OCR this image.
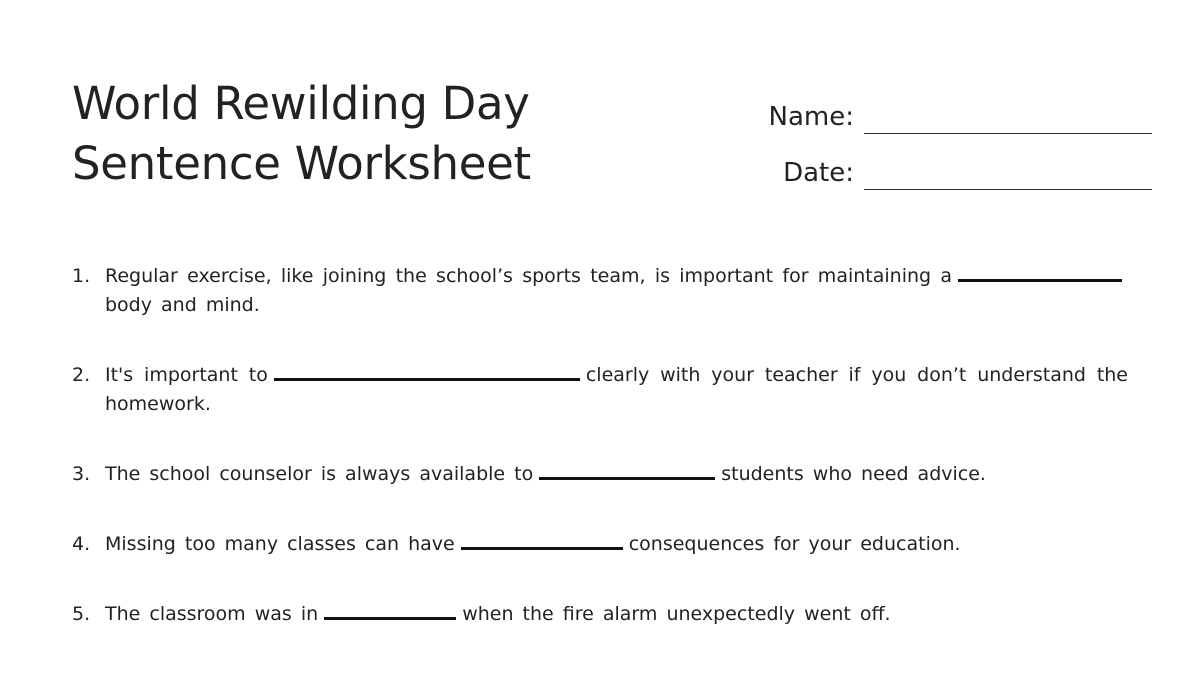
World Rewilding Day
Sentence Worksheet
Name:
Date:
1. Regular exercise, like joining the school’s sports team, is important for maintaining abody and mind.
2. It's important to	clearly with your teacher if you don’t understand the homework.
3. The school counselor is always available to	students who need advice.
4. Missing too many classes can have	consequences for your education.
5. The classroom was in	when the fire alarm unexpectedly went off.
